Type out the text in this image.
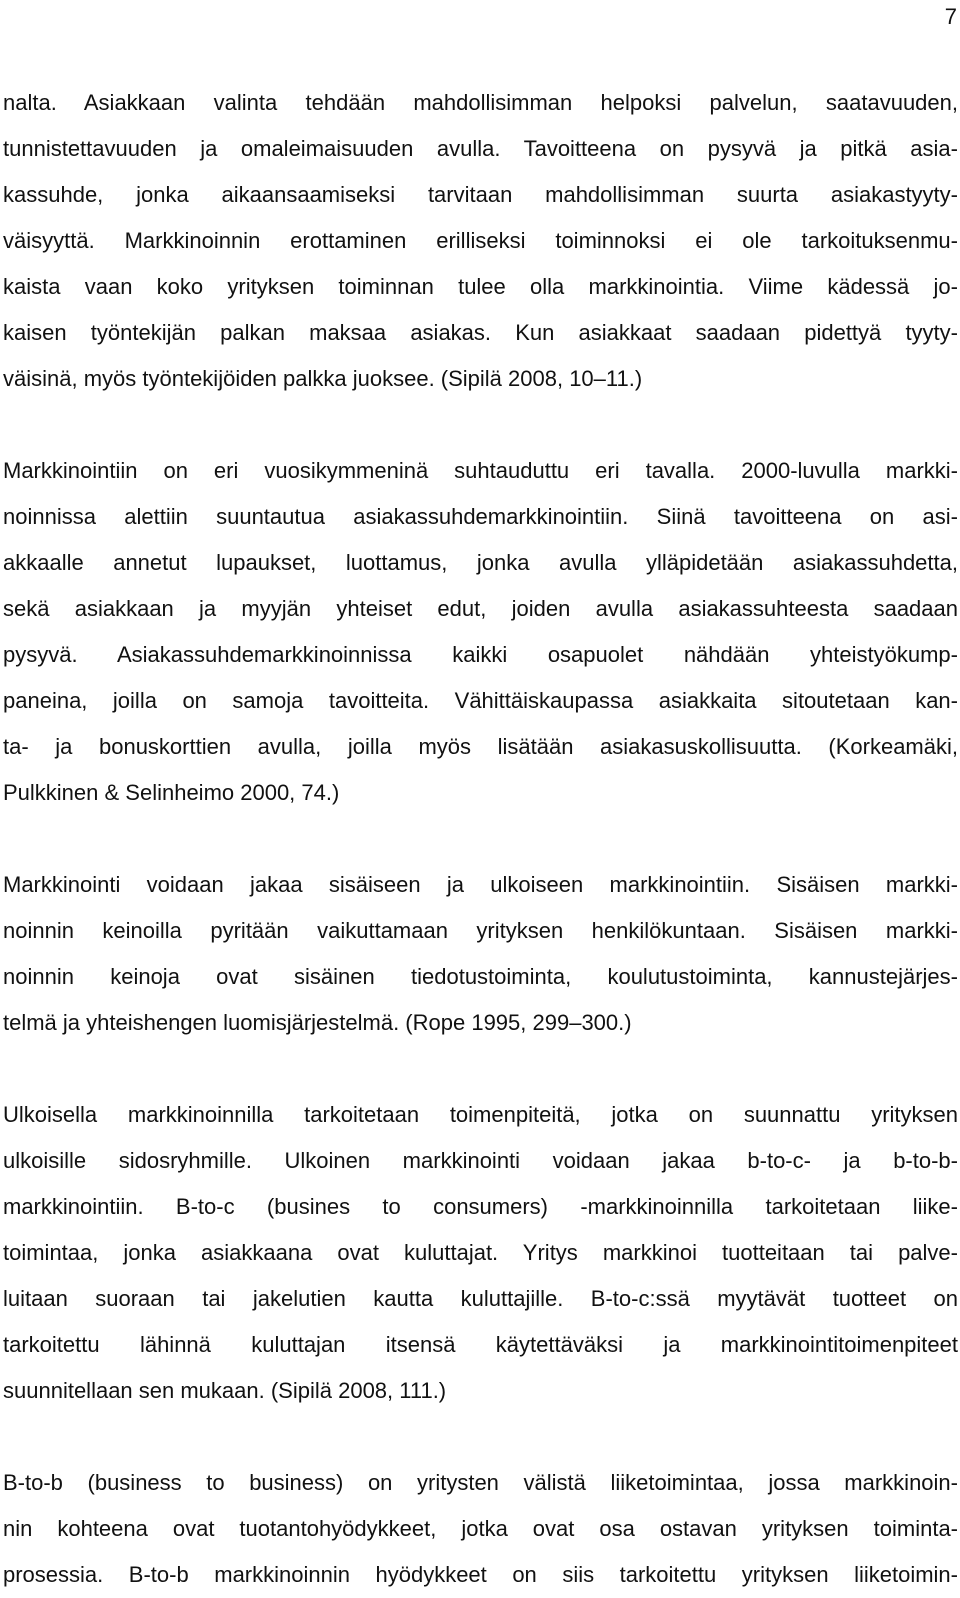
7
nalta. Asiakkaan valinta tehdään mahdollisimman helpoksi palvelun, saatavuuden,
tunnistettavuuden ja omaleimaisuuden avulla. Tavoitteena on pysyvä ja pitkä asia-
kassuhde, jonka aikaansaamiseksi tarvitaan mahdollisimman suurta asiakastyyty-
väisyyttä. Markkinoinnin erottaminen erilliseksi toiminnoksi ei ole tarkoituksenmu-
kaista vaan koko yrityksen toiminnan tulee olla markkinointia. Viime kädessä jo-
kaisen työntekijän palkan maksaa asiakas. Kun asiakkaat saadaan pidettyä tyyty-
väisinä, myös työntekijöiden palkka juoksee. (Sipilä 2008, 10–11.)
Markkinointiin on eri vuosikymmeninä suhtauduttu eri tavalla. 2000-luvulla markki-
noinnissa alettiin suuntautua asiakassuhdemarkkinointiin. Siinä tavoitteena on asi-
akkaalle annetut lupaukset, luottamus, jonka avulla ylläpidetään asiakassuhdetta,
sekä asiakkaan ja myyjän yhteiset edut, joiden avulla asiakassuhteesta saadaan
pysyvä. Asiakassuhdemarkkinoinnissa kaikki osapuolet nähdään yhteistyökump-
paneina, joilla on samoja tavoitteita. Vähittäiskaupassa asiakkaita sitoutetaan kan-
ta- ja bonuskorttien avulla, joilla myös lisätään asiakasuskollisuutta. (Korkeamäki,
Pulkkinen & Selinheimo 2000, 74.)
Markkinointi voidaan jakaa sisäiseen ja ulkoiseen markkinointiin. Sisäisen markki-
noinnin keinoilla pyritään vaikuttamaan yrityksen henkilökuntaan. Sisäisen markki-
noinnin keinoja ovat sisäinen tiedotustoiminta, koulutustoiminta, kannustejärjes-
telmä ja yhteishengen luomisjärjestelmä. (Rope 1995, 299–300.)
Ulkoisella markkinoinnilla tarkoitetaan toimenpiteitä, jotka on suunnattu yrityksen
ulkoisille sidosryhmille. Ulkoinen markkinointi voidaan jakaa b-to-c- ja b-to-b-
markkinointiin. B-to-c (busines to consumers) -markkinoinnilla tarkoitetaan liike-
toimintaa, jonka asiakkaana ovat kuluttajat. Yritys markkinoi tuotteitaan tai palve-
luitaan suoraan tai jakelutien kautta kuluttajille. B-to-c:ssä myytävät tuotteet on
tarkoitettu lähinnä kuluttajan itsensä käytettäväksi ja markkinointitoimenpiteet
suunnitellaan sen mukaan. (Sipilä 2008, 111.)
B-to-b (business to business) on yritysten välistä liiketoimintaa, jossa markkinoin-
nin kohteena ovat tuotantohyödykkeet, jotka ovat osa ostavan yrityksen toiminta-
prosessia. B-to-b markkinoinnin hyödykkeet on siis tarkoitettu yrityksen liiketoimin-
